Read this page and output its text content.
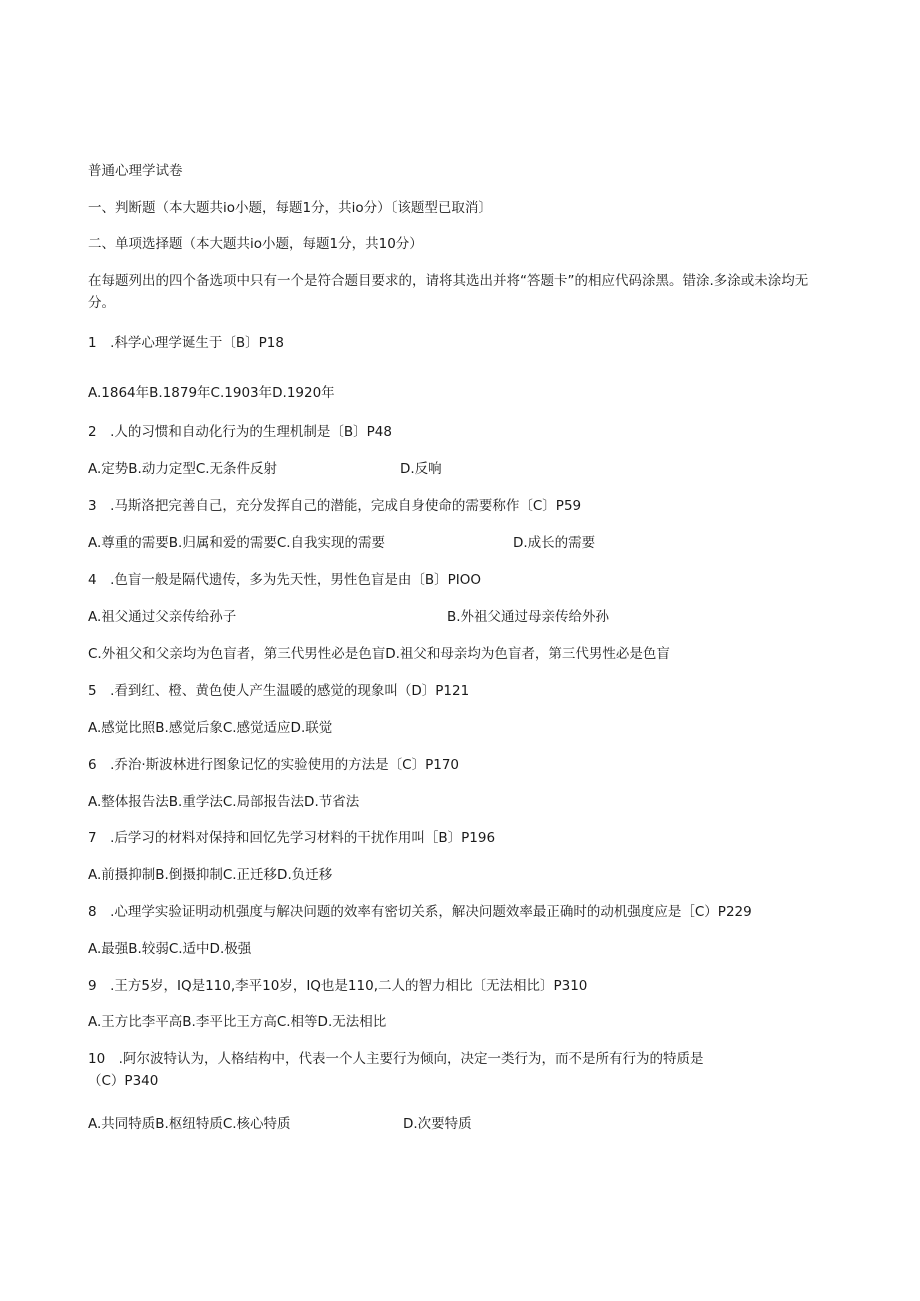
普通心理学试卷
一、判断题（本大题共io小题，每题1分，共io分）〔该题型已取消〕
二、单项选择题（本大题共io小题，每题1分，共10分）
在每题列出的四个备选项中只有一个是符合题目要求的，请将其选出并将“答题卡”的相应代码涂黑。错涂.多涂或未涂均无分。
1　.科学心理学诞生于〔B〕P18
A.1864年B.1879年C.1903年D.1920年
2　.人的习惯和自动化行为的生理机制是〔B〕P48
A.定势B.动力定型C.无条件反射	D.反响
3　.马斯洛把完善自己，充分发挥自己的潜能，完成自身使命的需要称作〔C〕P59
A.尊重的需要B.归属和爱的需要C.自我实现的需要	D.成长的需要
4　.色盲一般是隔代遗传，多为先天性，男性色盲是由〔B〕PIOO
A.祖父通过父亲传给孙子	B.外祖父通过母亲传给外孙
C.外祖父和父亲均为色盲者，第三代男性必是色盲D.祖父和母亲均为色盲者，第三代男性必是色盲
5　.看到红、橙、黄色使人产生温暖的感觉的现象叫（D〕P121
A.感觉比照B.感觉后象C.感觉适应D.联觉
6　.乔治·斯波林进行图象记忆的实验使用的方法是〔C〕P170
A.整体报告法B.重学法C.局部报告法D.节省法
7　.后学习的材料对保持和回忆先学习材料的干扰作用叫［B〕P196
A.前摄抑制B.倒摄抑制C.正迁移D.负迁移
8　.心理学实验证明动机强度与解决问题的效率有密切关系，解决问题效率最正确时的动机强度应是［C）P229
A.最强B.较弱C.适中D.极强
9　.王方5岁，IQ是110,李平10岁，IQ也是110,二人的智力相比〔无法相比〕P310
A.王方比李平高B.李平比王方高C.相等D.无法相比
10　.阿尔波特认为，人格结构中，代表一个人主要行为倾向，决定一类行为，而不是所有行为的特质是
（C）P340
A.共同特质B.枢纽特质C.核心特质	D.次要特质
